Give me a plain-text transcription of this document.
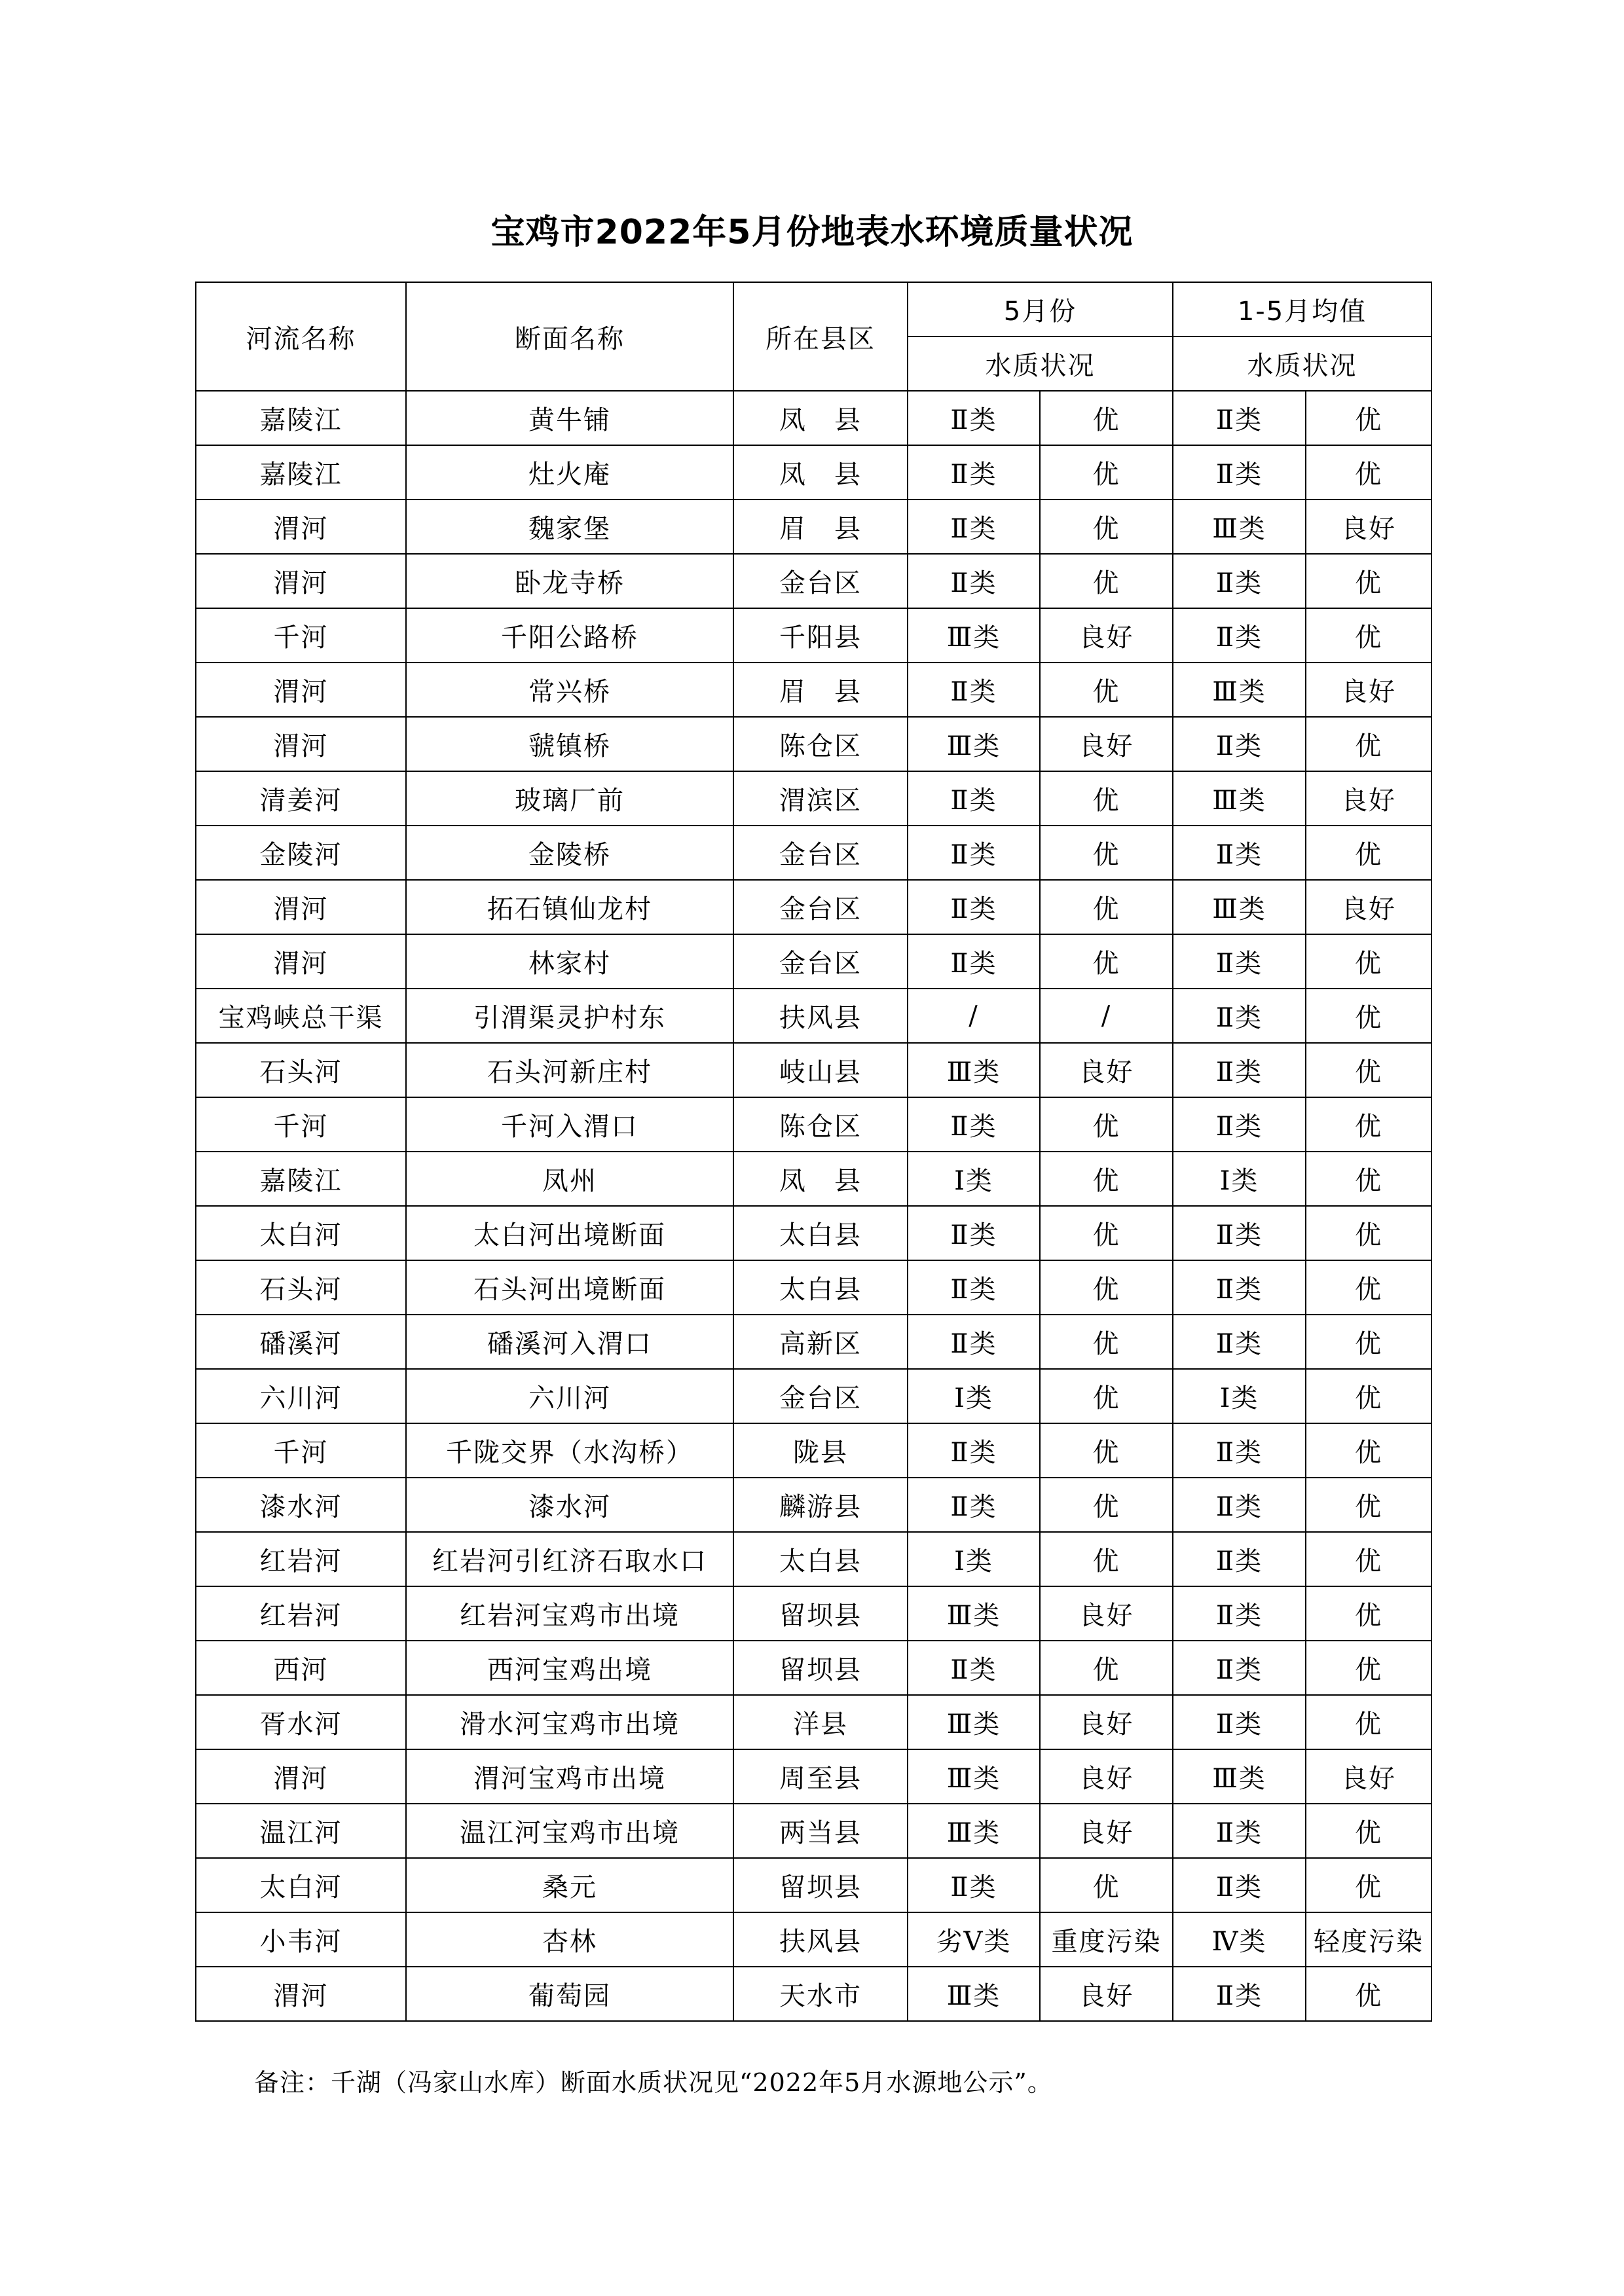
宝鸡市2022年5月份地表水环境质量状况
河流名称	断面名称	所在县区	5月份		1-5月均值	
			水质状况		水质状况	
嘉陵江	黄牛铺	凤　县	Ⅱ类	优	Ⅱ类	优
嘉陵江	灶火庵	凤　县	Ⅱ类	优	Ⅱ类	优
渭河	魏家堡	眉　县	Ⅱ类	优	Ⅲ类	良好
渭河	卧龙寺桥	金台区	Ⅱ类	优	Ⅱ类	优
千河	千阳公路桥	千阳县	Ⅲ类	良好	Ⅱ类	优
渭河	常兴桥	眉　县	Ⅱ类	优	Ⅲ类	良好
渭河	虢镇桥	陈仓区	Ⅲ类	良好	Ⅱ类	优
清姜河	玻璃厂前	渭滨区	Ⅱ类	优	Ⅲ类	良好
金陵河	金陵桥	金台区	Ⅱ类	优	Ⅱ类	优
渭河	拓石镇仙龙村	金台区	Ⅱ类	优	Ⅲ类	良好
渭河	林家村	金台区	Ⅱ类	优	Ⅱ类	优
宝鸡峡总干渠	引渭渠灵护村东	扶风县	/	/	Ⅱ类	优
石头河	石头河新庄村	岐山县	Ⅲ类	良好	Ⅱ类	优
千河	千河入渭口	陈仓区	Ⅱ类	优	Ⅱ类	优
嘉陵江	凤州	凤　县	Ⅰ类	优	Ⅰ类	优
太白河	太白河出境断面	太白县	Ⅱ类	优	Ⅱ类	优
石头河	石头河出境断面	太白县	Ⅱ类	优	Ⅱ类	优
磻溪河	磻溪河入渭口	高新区	Ⅱ类	优	Ⅱ类	优
六川河	六川河	金台区	Ⅰ类	优	Ⅰ类	优
千河	千陇交界（水沟桥）	陇县	Ⅱ类	优	Ⅱ类	优
漆水河	漆水河	麟游县	Ⅱ类	优	Ⅱ类	优
红岩河	红岩河引红济石取水口	太白县	Ⅰ类	优	Ⅱ类	优
红岩河	红岩河宝鸡市出境	留坝县	Ⅲ类	良好	Ⅱ类	优
西河	西河宝鸡出境	留坝县	Ⅱ类	优	Ⅱ类	优
胥水河	滑水河宝鸡市出境	洋县	Ⅲ类	良好	Ⅱ类	优
渭河	渭河宝鸡市出境	周至县	Ⅲ类	良好	Ⅲ类	良好
温江河	温江河宝鸡市出境	两当县	Ⅲ类	良好	Ⅱ类	优
太白河	桑元	留坝县	Ⅱ类	优	Ⅱ类	优
小韦河	杏林	扶风县	劣Ⅴ类	重度污染	Ⅳ类	轻度污染
渭河	葡萄园	天水市	Ⅲ类	良好	Ⅱ类	优
备注：千湖（冯家山水库）断面水质状况见“2022年5月水源地公示”。
